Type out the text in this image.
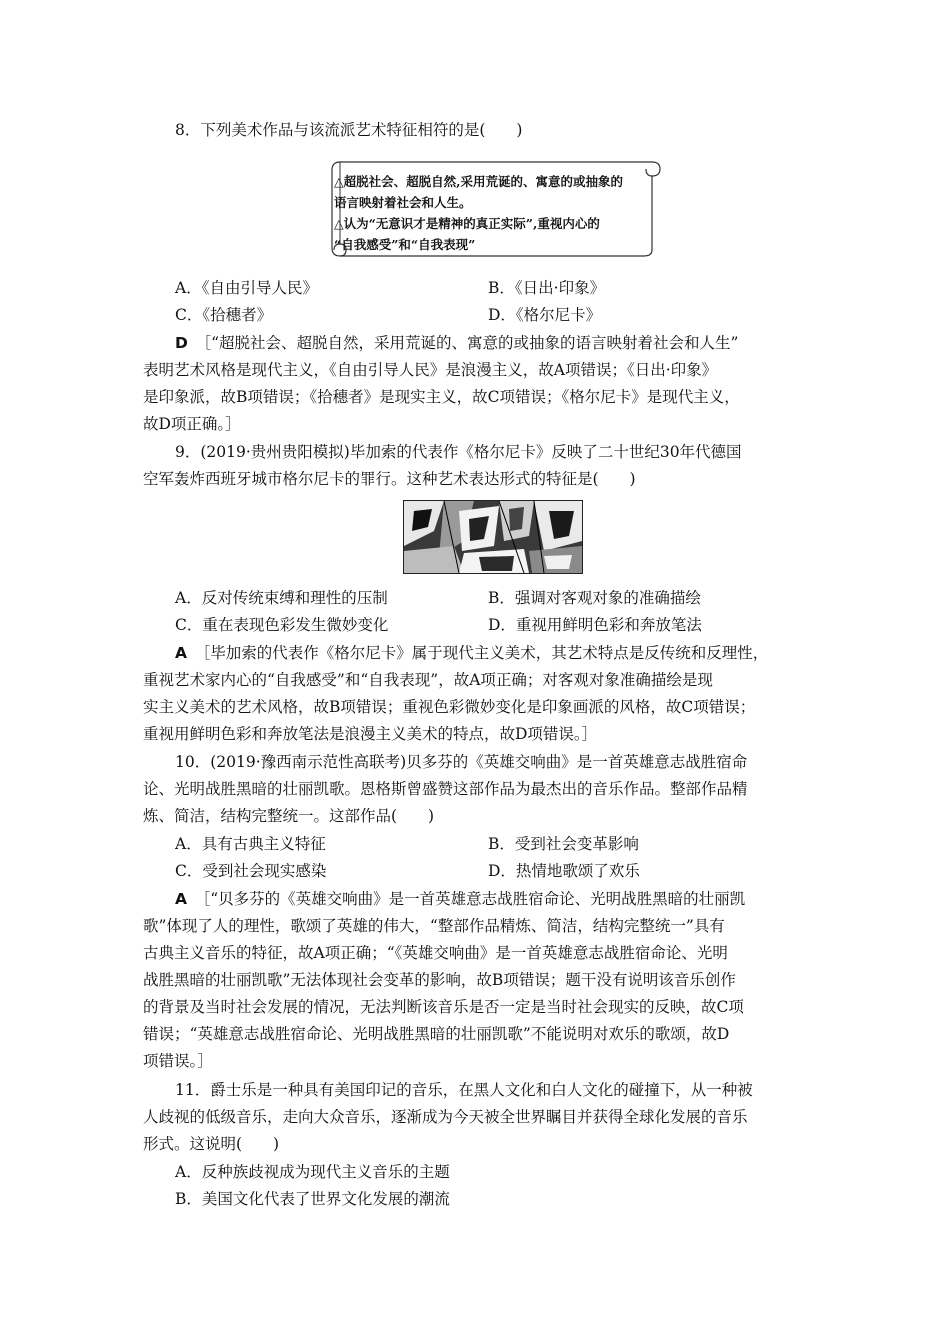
8．下列美术作品与该流派艺术特征相符的是(　　)
△超脱社会、超脱自然,采用荒诞的、寓意的或抽象的
语言映射着社会和人生。
△认为“无意识才是精神的真正实际”,重视内心的
“自我感受”和“自我表现”
A．《自由引导人民》	B．《日出·印象》
C．《拾穗者》	D．《格尔尼卡》
D  ［“超脱社会、超脱自然，采用荒诞的、寓意的或抽象的语言映射着社会和人生”
表明艺术风格是现代主义，《自由引导人民》是浪漫主义，故A项错误；《日出·印象》
是印象派，故B项错误；《拾穗者》是现实主义，故C项错误；《格尔尼卡》是现代主义，
故D项正确。］
9．(2019·贵州贵阳模拟)毕加索的代表作《格尔尼卡》反映了二十世纪30年代德国
空军轰炸西班牙城市格尔尼卡的罪行。这种艺术表达形式的特征是(　　)
A．反对传统束缚和理性的压制	B．强调对客观对象的准确描绘
C．重在表现色彩发生微妙变化	D．重视用鲜明色彩和奔放笔法
A  ［毕加索的代表作《格尔尼卡》属于现代主义美术，其艺术特点是反传统和反理性，
重视艺术家内心的“自我感受”和“自我表现”，故A项正确；对客观对象准确描绘是现
实主义美术的艺术风格，故B项错误；重视色彩微妙变化是印象画派的风格，故C项错误；
重视用鲜明色彩和奔放笔法是浪漫主义美术的特点，故D项错误。］
10．(2019·豫西南示范性高联考)贝多芬的《英雄交响曲》是一首英雄意志战胜宿命
论、光明战胜黑暗的壮丽凯歌。恩格斯曾盛赞这部作品为最杰出的音乐作品。整部作品精
炼、简洁，结构完整统一。这部作品(　　)
A．具有古典主义特征	B．受到社会变革影响
C．受到社会现实感染	D．热情地歌颂了欢乐
A  ［“贝多芬的《英雄交响曲》是一首英雄意志战胜宿命论、光明战胜黑暗的壮丽凯
歌”体现了人的理性，歌颂了英雄的伟大，“整部作品精炼、简洁，结构完整统一”具有
古典主义音乐的特征，故A项正确；“《英雄交响曲》是一首英雄意志战胜宿命论、光明
战胜黑暗的壮丽凯歌”无法体现社会变革的影响，故B项错误；题干没有说明该音乐创作
的背景及当时社会发展的情况，无法判断该音乐是否一定是当时社会现实的反映，故C项
错误；“英雄意志战胜宿命论、光明战胜黑暗的壮丽凯歌”不能说明对欢乐的歌颂，故D
项错误。］
11．爵士乐是一种具有美国印记的音乐，在黑人文化和白人文化的碰撞下，从一种被
人歧视的低级音乐，走向大众音乐，逐渐成为今天被全世界瞩目并获得全球化发展的音乐
形式。这说明(　　)
A．反种族歧视成为现代主义音乐的主题
B．美国文化代表了世界文化发展的潮流
